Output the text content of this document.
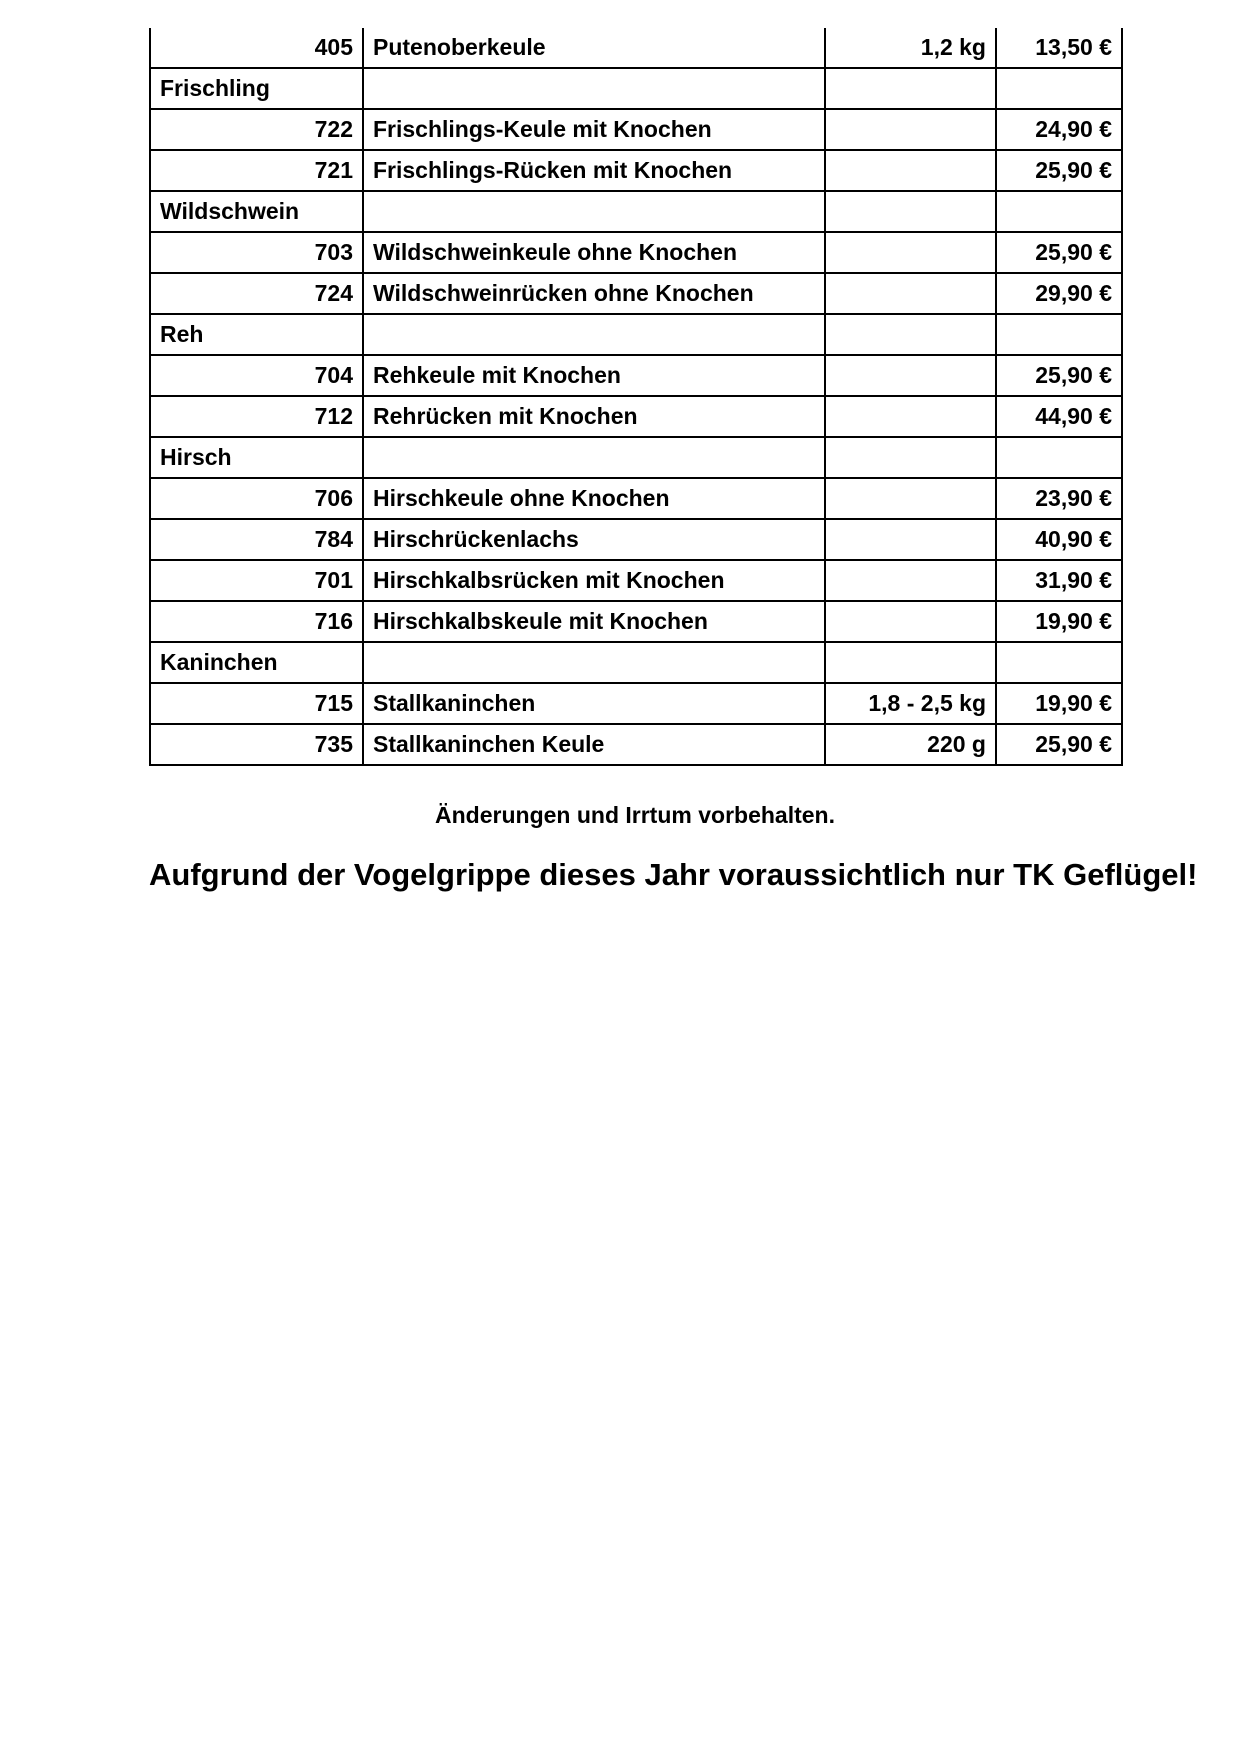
405	Putenoberkeule	1,2 kg	13,50 €
Frischling			
722	Frischlings-Keule mit Knochen		24,90 €
721	Frischlings-Rücken mit Knochen		25,90 €
Wildschwein			
703	Wildschweinkeule ohne Knochen		25,90 €
724	Wildschweinrücken ohne Knochen		29,90 €
Reh			
704	Rehkeule mit Knochen		25,90 €
712	Rehrücken mit Knochen		44,90 €
Hirsch			
706	Hirschkeule ohne Knochen		23,90 €
784	Hirschrückenlachs		40,90 €
701	Hirschkalbsrücken mit Knochen		31,90 €
716	Hirschkalbskeule mit Knochen		19,90 €
Kaninchen			
715	Stallkaninchen	1,8 - 2,5 kg	19,90 €
735	Stallkaninchen Keule	220 g	25,90 €
Änderungen und Irrtum vorbehalten.
Aufgrund der Vogelgrippe dieses Jahr voraussichtlich nur TK Geflügel!
